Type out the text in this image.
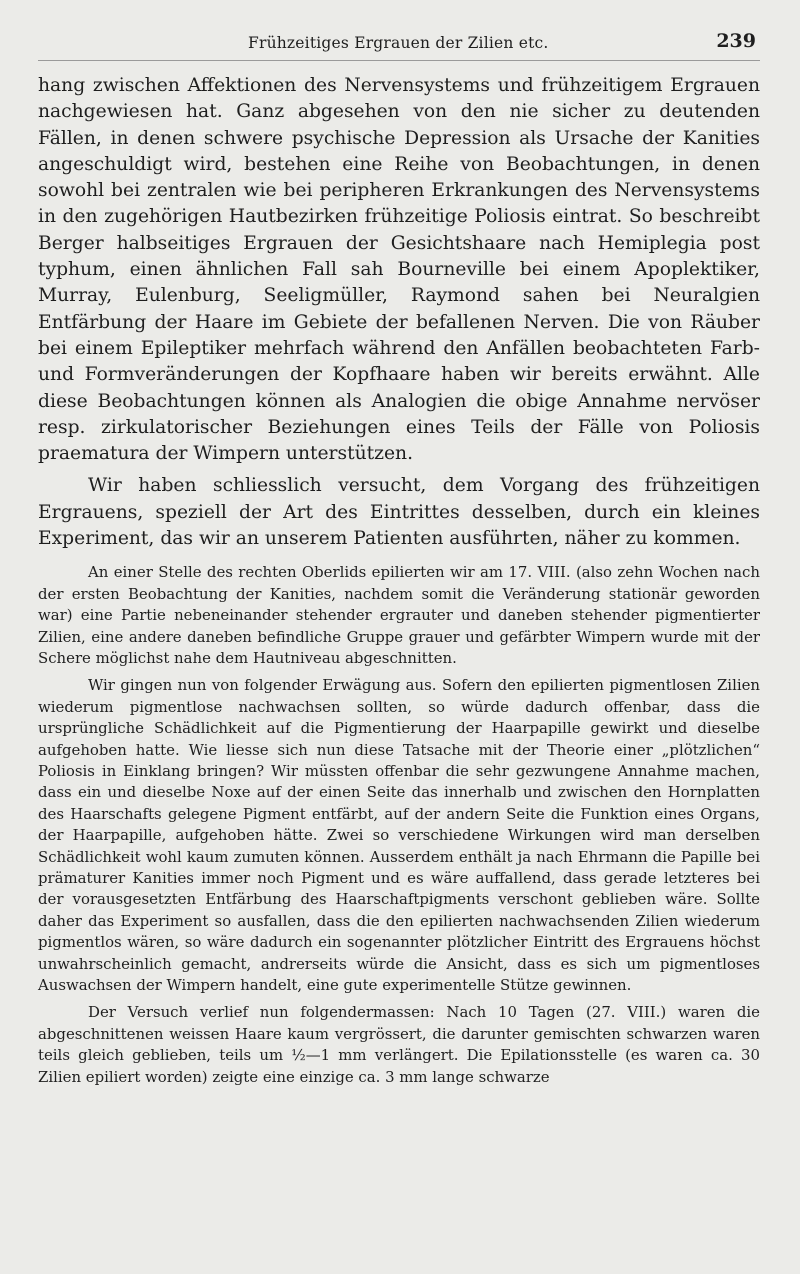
Frühzeitiges Ergrauen der Zilien etc.	239

hang zwischen Affektionen des Nervensystems und frühzeitigem Ergrauen nachgewiesen hat. Ganz abgesehen von den nie sicher zu deutenden Fällen, in denen schwere psychische Depression als Ursache der Kanities angeschuldigt wird, bestehen eine Reihe von Beobachtungen, in denen sowohl bei zentralen wie bei peripheren Erkrankungen des Nervensystems in den zugehörigen Hautbezirken frühzeitige Poliosis eintrat. So beschreibt Berger halbseitiges Ergrauen der Gesichtshaare nach Hemiplegia post typhum, einen ähnlichen Fall sah Bourneville bei einem Apoplektiker, Murray, Eulenburg, Seeligmüller, Raymond sahen bei Neuralgien Entfärbung der Haare im Gebiete der befallenen Nerven. Die von Räuber bei einem Epileptiker mehrfach während den Anfällen beobachteten Farb- und Formveränderungen der Kopfhaare haben wir bereits erwähnt. Alle diese Beobachtungen können als Analogien die obige Annahme nervöser resp. zirkulatorischer Beziehungen eines Teils der Fälle von Poliosis praematura der Wimpern unterstützen.

Wir haben schliesslich versucht, dem Vorgang des frühzeitigen Ergrauens, speziell der Art des Eintrittes desselben, durch ein kleines Experiment, das wir an unserem Patienten ausführten, näher zu kommen.

An einer Stelle des rechten Oberlids epilierten wir am 17. VIII. (also zehn Wochen nach der ersten Beobachtung der Kanities, nachdem somit die Veränderung stationär geworden war) eine Partie nebeneinander stehender ergrauter und daneben stehender pigmentierter Zilien, eine andere daneben befindliche Gruppe grauer und gefärbter Wimpern wurde mit der Schere möglichst nahe dem Hautniveau abgeschnitten.

Wir gingen nun von folgender Erwägung aus. Sofern den epilierten pigmentlosen Zilien wiederum pigmentlose nachwachsen sollten, so würde dadurch offenbar, dass die ursprüngliche Schädlichkeit auf die Pigmentierung der Haarpapille gewirkt und dieselbe aufgehoben hatte. Wie liesse sich nun diese Tatsache mit der Theorie einer „plötzlichen“ Poliosis in Einklang bringen? Wir müssten offenbar die sehr gezwungene Annahme machen, dass ein und dieselbe Noxe auf der einen Seite das innerhalb und zwischen den Hornplatten des Haarschafts gelegene Pigment entfärbt, auf der andern Seite die Funktion eines Organs, der Haarpapille, aufgehoben hätte. Zwei so verschiedene Wirkungen wird man derselben Schädlichkeit wohl kaum zumuten können. Ausserdem enthält ja nach Ehrmann die Papille bei prämaturer Kanities immer noch Pigment und es wäre auffallend, dass gerade letzteres bei der vorausgesetzten Entfärbung des Haarschaftpigments verschont geblieben wäre. Sollte daher das Experiment so ausfallen, dass die den epilierten nachwachsenden Zilien wiederum pigmentlos wären, so wäre dadurch ein sogenannter plötzlicher Eintritt des Ergrauens höchst unwahrscheinlich gemacht, andrerseits würde die Ansicht, dass es sich um pigmentloses Auswachsen der Wimpern handelt, eine gute experimentelle Stütze gewinnen.

Der Versuch verlief nun folgendermassen: Nach 10 Tagen (27. VIII.) waren die abgeschnittenen weissen Haare kaum vergrössert, die darunter gemischten schwarzen waren teils gleich geblieben, teils um ½—1 mm verlängert. Die Epilationsstelle (es waren ca. 30 Zilien epiliert worden) zeigte eine einzige ca. 3 mm lange schwarze
